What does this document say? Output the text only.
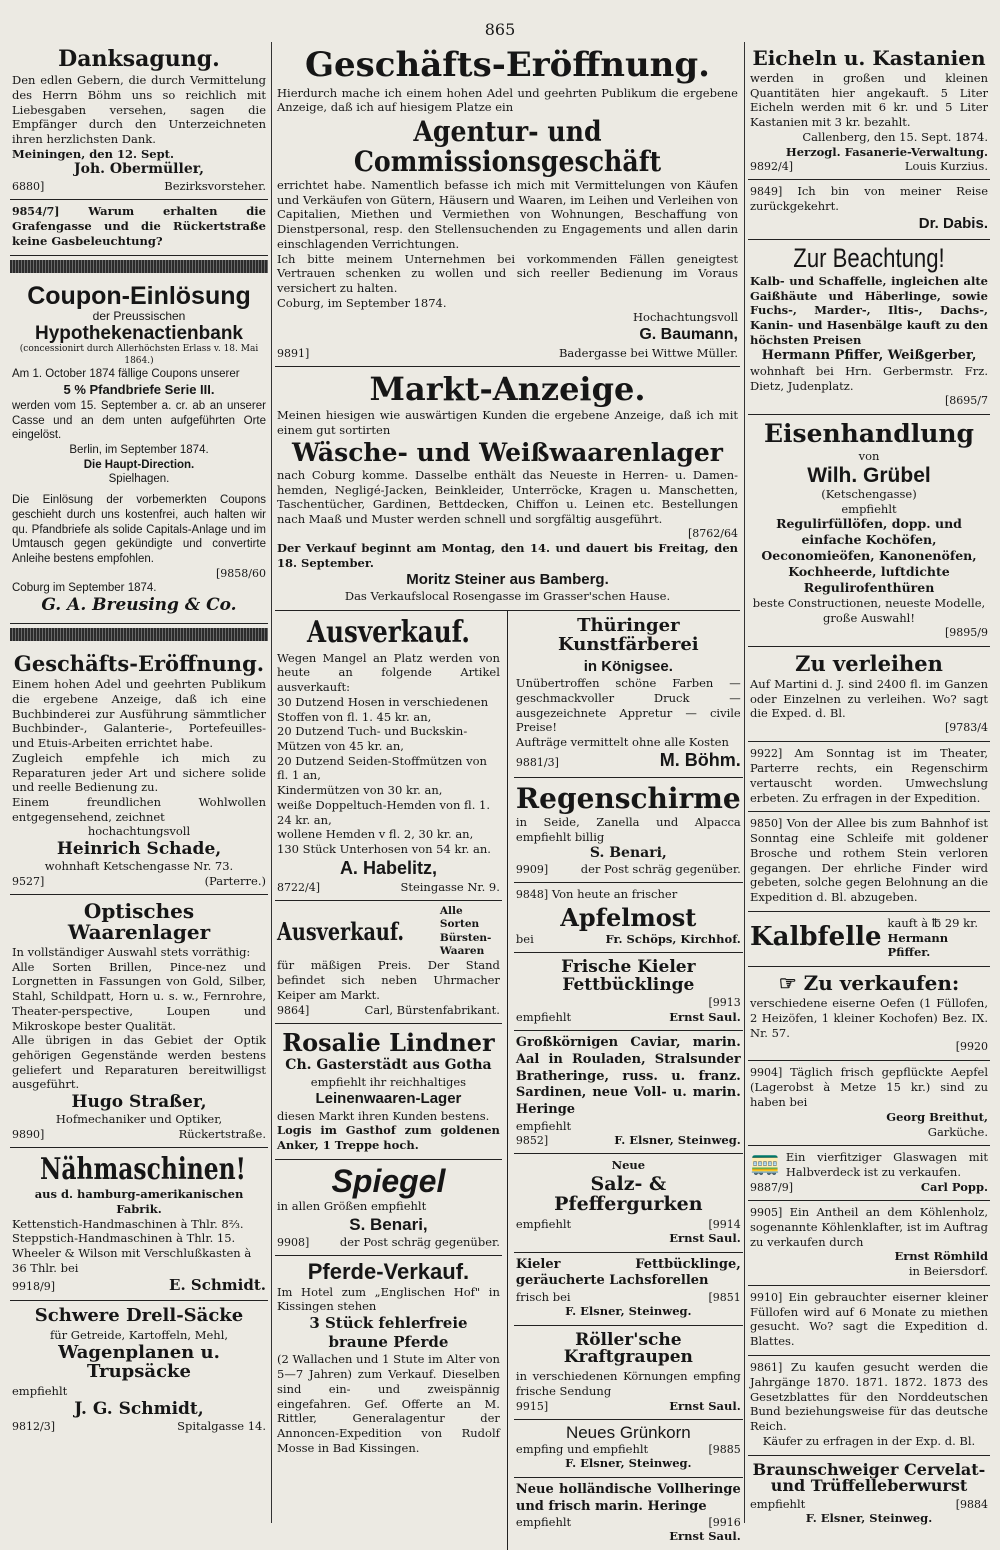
865
Danksagung.

Den edlen Gebern, die durch Vermittelung des Herrn Böhm uns so reichlich mit Liebesgaben versehen, sagen die Empfänger durch den Unterzeichneten ihren herzlichsten Dank.

Meiningen, den 12. Sept.

Joh. Obermüller,

6880]	Bezirksvorsteher.

9854/7]	Warum erhalten die Grafengasse und die Rückertstraße keine Gasbeleuchtung?

Coupon-Einlösung
der Preussischen
Hypothekenactienbank

(concessionirt durch Allerhöchsten Erlass v. 18. Mai 1864.)

Am 1. October 1874 fällige Coupons unserer

5 % Pfandbriefe Serie III.

werden vom 15. September a. cr. ab an unserer Casse und an dem unten aufgeführten Orte eingelöst.

Berlin, im September 1874.

Die Haupt-Direction.

Spielhagen.

Die Einlösung der vorbemerkten Coupons geschieht durch uns kostenfrei, auch halten wir qu. Pfandbriefe als solide Capitals-Anlage und im Umtausch gegen gekündigte und convertirte Anleihe bestens empfohlen.

[9858/60

Coburg im September 1874.

G. A. Breusing & Co.

Geschäfts-Eröffnung.

Einem hohen Adel und geehrten Publikum die ergebene Anzeige, daß ich eine Buchbinderei zur Ausführung sämmtlicher Buchbinder-, Galanterie-, Portefeuilles- und Etuis-Arbeiten errichtet habe.

Zugleich empfehle ich mich zu Reparaturen jeder Art und sichere solide und reelle Bedienung zu.

Einem freundlichen Wohlwollen entgegensehend, zeichnet

hochachtungsvoll

Heinrich Schade,

wohnhaft Ketschengasse Nr. 73.

9527]	(Parterre.)
Optisches Waarenlager

In vollständiger Auswahl stets vorräthig:

Alle Sorten Brillen, Pince-nez und Lorgnetten in Fassungen von Gold, Silber, Stahl, Schildpatt, Horn u. s. w., Fernrohre, Theater-perspective, Loupen und Mikroskope bester Qualität.

Alle übrigen in das Gebiet der Optik gehörigen Gegenstände werden bestens geliefert und Reparaturen bereitwilligst ausgeführt.

Hugo Straßer,

Hofmechaniker und Optiker,

9890]	Rückertstraße.
Nähmaschinen!

aus d. hamburg-amerikanischen Fabrik.

Kettenstich-Handmaschinen à Thlr. 8⅔.
Steppstich-Handmaschinen à Thlr. 15.
Wheeler & Wilson mit Verschlußkasten à 36 Thlr. bei
9918/9]	E. Schmidt.
Schwere Drell-Säcke

für Getreide, Kartoffeln, Mehl,

Wagenplanen u. Trupsäcke

empfiehlt

J. G. Schmidt,
9812/3]	Spitalgasse 14.
Geschäfts-Eröffnung.

Hierdurch mache ich einem hohen Adel und geehrten Publikum die ergebene Anzeige, daß ich auf hiesigem Platze ein

Agentur- und Commissionsgeschäft

errichtet habe. Namentlich befasse ich mich mit Vermittelungen von Käufen und Verkäufen von Gütern, Häusern und Waaren, im Leihen und Verleihen von Capitalien, Miethen und Vermiethen von Wohnungen, Beschaffung von Dienstpersonal, resp. den Stellensuchenden zu Engagements und allen darin einschlagenden Verrichtungen.

Ich bitte meinem Unternehmen bei vorkommenden Fällen geneigtest Vertrauen schenken zu wollen und sich reeller Bedienung im Voraus versichert zu halten.

Coburg, im September 1874.

Hochachtungsvoll

G. Baumann,

9891]	Badergasse bei Wittwe Müller.
Markt-Anzeige.

Meinen hiesigen wie auswärtigen Kunden die ergebene Anzeige, daß ich mit einem gut sortirten

Wäsche- und Weißwaarenlager

nach Coburg komme. Dasselbe enthält das Neueste in Herren- u. Damen-hemden, Negligé-Jacken, Beinkleider, Unterröcke, Kragen u. Manschetten, Taschentücher, Gardinen, Bettdecken, Chiffon u. Leinen etc. Bestellungen nach Maaß und Muster werden schnell und sorgfältig ausgeführt.

[8762/64

Der Verkauf beginnt am Montag, den 14. und dauert bis Freitag, den 18. September.

Moritz Steiner aus Bamberg.

Das Verkaufslocal Rosengasse im Grasser'schen Hause.

Ausverkauf.

Wegen Mangel an Platz werden von heute an folgende Artikel ausverkauft:

30 Dutzend Hosen in verschiedenen Stoffen von fl. 1. 45 kr. an,
20 Dutzend Tuch- und Buckskin-Mützen von 45 kr. an,
20 Dutzend Seiden-Stoffmützen von fl. 1 an,
Kindermützen von 30 kr. an,
weiße Doppeltuch-Hemden von fl. 1. 24 kr. an,
wollene Hemden v fl. 2, 30 kr. an,
130 Stück Unterhosen von 54 kr. an.

A. Habelitz,

8722/4]	Steingasse Nr. 9.
Ausverkauf.

Alle Sorten Bürsten-Waaren

für mäßigen Preis. Der Stand befindet sich neben Uhrmacher Keiper am Markt.

9864]	Carl, Bürstenfabrikant.
Rosalie Lindner

Ch. Gasterstädt aus Gotha

empfiehlt ihr reichhaltiges

Leinenwaaren-Lager

diesen Markt ihren Kunden bestens.

Logis im Gasthof zum goldenen Anker, 1 Treppe hoch.

Spiegel

in allen Größen empfiehlt

S. Benari,

9908]	der Post schräg gegenüber.
Pferde-Verkauf.

Im Hotel zum „Englischen Hof" in Kissingen stehen

3 Stück fehlerfreie braune Pferde

(2 Wallachen und 1 Stute im Alter von 5—7 Jahren) zum Verkauf. Dieselben sind ein- und zweispännig eingefahren. Gef. Offerte an M. Rittler, Generalagentur der Annoncen-Expedition von Rudolf Mosse in Bad Kissingen.

Thüringer Kunstfärberei

in Königsee.

Unübertroffen schöne Farben — geschmackvoller Druck — ausgezeichnete Appretur — civile Preise!

Aufträge vermittelt ohne alle Kosten

9881/3]	M. Böhm.
Regenschirme

in Seide, Zanella und Alpacca empfiehlt billig

S. Benari,

9909]	der Post schräg gegenüber.

9848] Von heute an frischer

Apfelmost
bei	Fr. Schöps, Kirchhof.
Frische Kieler Fettbücklinge

[9913

empfiehlt	Ernst Saul.

Großkörnigen Caviar, marin. Aal in Rouladen, Stralsunder Bratheringe, russ. u. franz. Sardinen, neue Voll- u. marin. Heringe

empfiehlt

9852]	F. Elsner, Steinweg.

Neue

Salz- & Pfeffergurken
empfiehlt	[9914

Ernst Saul.

Kieler Fettbücklinge, geräucherte Lachsforellen

frisch bei	[9851

F. Elsner, Steinweg.

Röller'sche Kraftgraupen

in verschiedenen Körnungen empfing frische Sendung

9915]	Ernst Saul.
Neues Grünkorn
empfing und empfiehlt	[9885

F. Elsner, Steinweg.

Neue holländische Vollheringe und frisch marin. Heringe

empfiehlt	[9916

Ernst Saul.

Eicheln u. Kastanien

werden in großen und kleinen Quantitäten hier angekauft. 5 Liter Eicheln werden mit 6 kr. und 5 Liter Kastanien mit 3 kr. bezahlt.

Callenberg, den 15. Sept. 1874.

Herzogl. Fasanerie-Verwaltung.

9892/4]	Louis Kurzius.

9849] Ich bin von meiner Reise zurückgekehrt.

Dr. Dabis.

Zur Beachtung!

Kalb- und Schaffelle, ingleichen alte Gaißhäute und Häberlinge, sowie Fuchs-, Marder-, Iltis-, Dachs-, Kanin- und Hasenbälge kauft zu den höchsten Preisen

Hermann Pfiffer, Weißgerber,

wohnhaft bei Hrn. Gerbermstr. Frz. Dietz, Judenplatz.

[8695/7

Eisenhandlung

von

Wilh. Grübel

(Ketschengasse)

empfiehlt

Regulirfüllöfen, dopp. und einfache Kochöfen, Oeconomieöfen, Kanonenöfen, Kochheerde, luftdichte Regulirofenthüren

beste Constructionen, neueste Modelle, große Auswahl!

[9895/9

Zu verleihen

Auf Martini d. J. sind 2400 fl. im Ganzen oder Einzelnen zu verleihen. Wo? sagt die Exped. d. Bl.

[9783/4

9922] Am Sonntag ist im Theater, Parterre rechts, ein Regenschirm vertauscht worden. Umwechslung erbeten. Zu erfragen in der Expedition.

9850] Von der Allee bis zum Bahnhof ist Sonntag eine Schleife mit goldener Brosche und rothem Stein verloren gegangen. Der ehrliche Finder wird gebeten, solche gegen Belohnung an die Expedition d. Bl. abzugeben.

Kalbfelle kauft à ℔ 29 kr.

Hermann Pfiffer.

☞ Zu verkaufen:

verschiedene eiserne Oefen (1 Füllofen, 2 Heizöfen, 1 kleiner Kochofen) Bez. IX. Nr. 57.

[9920

9904] Täglich frisch gepflückte Aepfel (Lagerobst à Metze 15 kr.) sind zu haben bei

Georg Breithut,

Garküche.

🚃 Ein vierfitziger Glaswagen mit Halbverdeck ist zu verkaufen.

9887/9]	Carl Popp.

9905] Ein Antheil an dem Köhlenholz, sogenannte Köhlenklafter, ist im Auftrag zu verkaufen durch

Ernst Römhild

in Beiersdorf.

9910] Ein gebrauchter eiserner kleiner Füllofen wird auf 6 Monate zu miethen gesucht. Wo? sagt die Expedition d. Blattes.

9861] Zu kaufen gesucht werden die Jahrgänge 1870. 1871. 1872. 1873 des Gesetzblattes für den Norddeutschen Bund beziehungsweise für das deutsche Reich.

Käufer zu erfragen in der Exp. d. Bl.

Braunschweiger Cervelat- und Trüffelleberwurst
empfiehlt	[9884

F. Elsner, Steinweg.
